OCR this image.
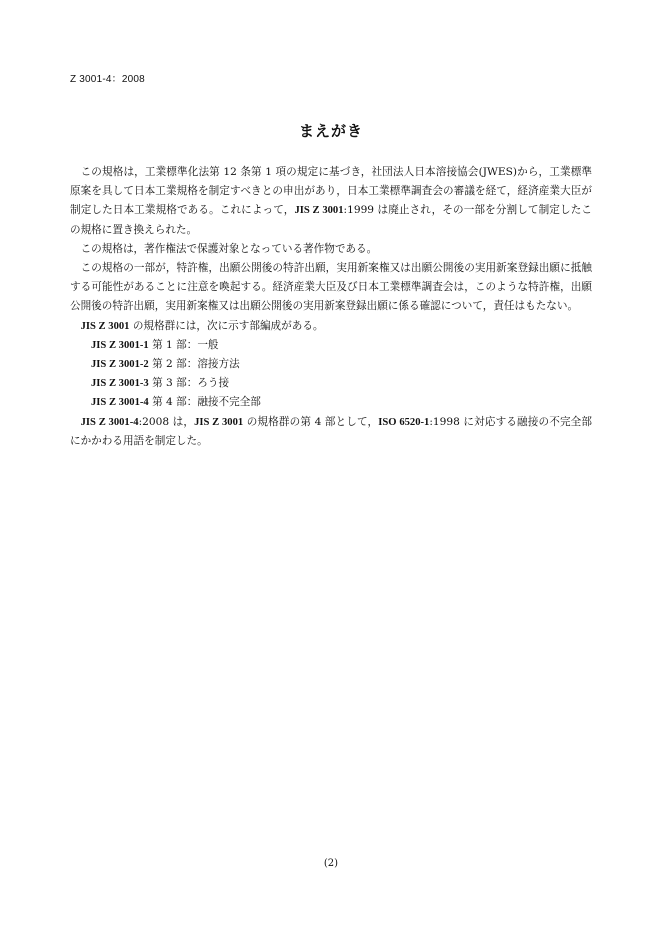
Z 3001-4：2008
まえがき

この規格は，工業標準化法第 12 条第 1 項の規定に基づき，社団法人日本溶接協会(JWES)から，工業標準原案を具して日本工業規格を制定すべきとの申出があり，日本工業標準調査会の審議を経て，経済産業大臣が制定した日本工業規格である。これによって，JIS Z 3001:1999 は廃止され，その一部を分割して制定したこの規格に置き換えられた。

この規格は，著作権法で保護対象となっている著作物である。

この規格の一部が，特許権，出願公開後の特許出願，実用新案権又は出願公開後の実用新案登録出願に抵触する可能性があることに注意を喚起する。経済産業大臣及び日本工業標準調査会は，このような特許権，出願公開後の特許出願，実用新案権又は出願公開後の実用新案登録出願に係る確認について，責任はもたない。

JIS Z 3001 の規格群には，次に示す部編成がある。

JIS Z 3001-1 第 1 部：一般
JIS Z 3001-2 第 2 部：溶接方法
JIS Z 3001-3 第 3 部：ろう接
JIS Z 3001-4 第 4 部：融接不完全部

JIS Z 3001-4:2008 は，JIS Z 3001 の規格群の第 4 部として，ISO 6520-1:1998 に対応する融接の不完全部にかかわる用語を制定した。

(2)
